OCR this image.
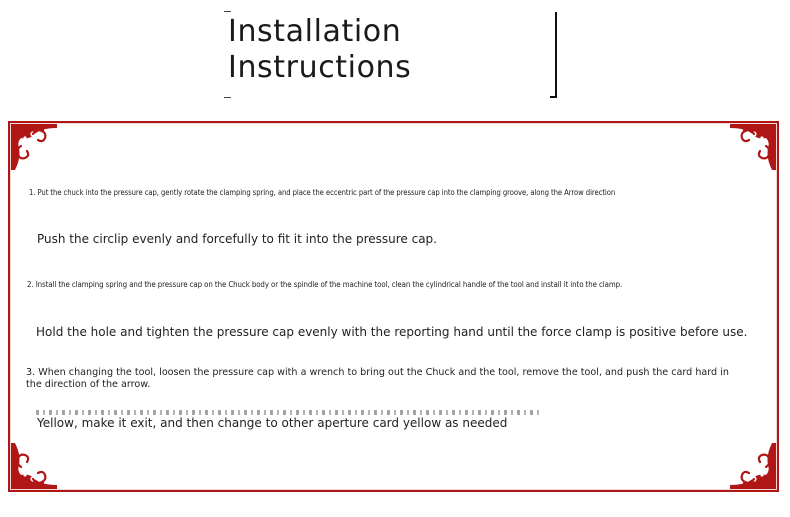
Installation
Instructions

1. Put the chuck into the pressure cap, gently rotate the clamping spring, and place the eccentric part of the pressure cap into the clamping groove, along the Arrow direction

Push the circlip evenly and forcefully to fit it into the pressure cap.

2. Install the clamping spring and the pressure cap on the Chuck body or the spindle of the machine tool, clean the cylindrical handle of the tool and install it into the clamp.

Hold the hole and tighten the pressure cap evenly with the reporting hand until the force clamp is positive before use.

3. When changing the tool, loosen the pressure cap with a wrench to bring out the Chuck and the tool, remove the tool, and push the card hard in the direction of the arrow.

Yellow, make it exit, and then change to other aperture card yellow as needed
